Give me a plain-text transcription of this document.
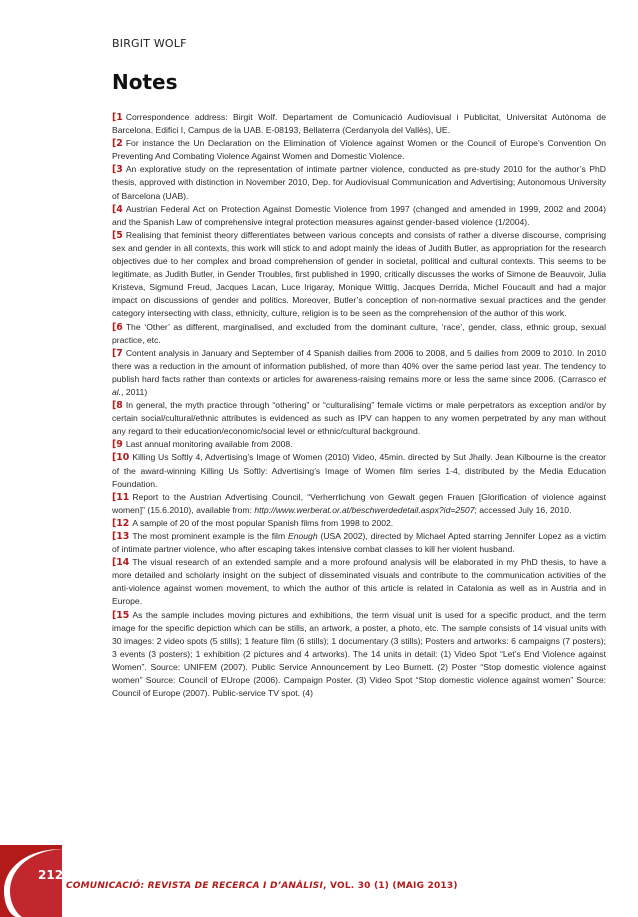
BIRGIT WOLF
Notes

[1 Correspondence address: Birgit Wolf. Departament de Comunicació Audiovisual i Publicitat, Universitat Autònoma de Barcelona. Edifici I, Campus de la UAB. E-08193, Bellaterra (Cerdanyola del Vallès), UE.

[2 For instance the Un Declaration on the Elimination of Violence against Women or the Council of Europe’s Convention On Preventing And Combating Violence Against Women and Domestic Violence.

[3 An explorative study on the representation of intimate partner violence, conducted as pre-study 2010 for the author’s PhD thesis, approved with distinction in November 2010, Dep. for Audiovisual Communication and Advertising; Autonomous University of Barcelona (UAB).

[4 Austrian Federal Act on Protection Against Domestic Violence from 1997 (changed and amended in 1999, 2002 and 2004) and the Spanish Law of comprehensive integral protection measures against gender-based violence (1/2004).

[5 Realising that feminist theory differentiates between various concepts and consists of rather a diverse discourse, comprising sex and gender in all contexts, this work will stick to and adopt mainly the ideas of Judith Butler, as appropriation for the research objectives due to her complex and broad comprehension of gender in societal, political and cultural contexts. This seems to be legitimate, as Judith Butler, in Gender Troubles, first published in 1990, critically discusses the works of Simone de Beauvoir, Julia Kristeva, Sigmund Freud, Jacques Lacan, Luce Irigaray, Monique Wittig, Jacques Derrida, Michel Foucault and had a major impact on discussions of gender and politics. Moreover, Butler’s conception of non-normative sexual practices and the gender category intersecting with class, ethnicity, culture, religion is to be seen as the comprehension of the author of this work.

[6 The ‘Other’ as different, marginalised, and excluded from the dominant culture, ‘race’, gender, class, ethnic group, sexual practice, etc.

[7 Content analysis in January and September of 4 Spanish dailies from 2006 to 2008, and 5 dailies from 2009 to 2010. In 2010 there was a reduction in the amount of information published, of more than 40% over the same period last year. The tendency to publish hard facts rather than contexts or articles for awareness-raising remains more or less the same since 2006. (Carrasco et al., 2011)

[8 In general, the myth practice through “othering” or “culturalising” female victims or male perpetrators as exception and/or by certain social/cultural/ethnic attributes is evidenced as such as IPV can happen to any women perpetrated by any man without any regard to their education/economic/social level or ethnic/cultural background.

[9 Last annual monitoring available from 2008.

[10 Killing Us Softly 4, Advertising’s Image of Women (2010) Video, 45min. directed by Sut Jhally. Jean Kilbourne is the creator of the award-winning Killing Us Softly: Advertising’s Image of Women film series 1-4, distributed by the Media Education Foundation.

[11 Report to the Austrian Advertising Council, “Verherrlichung von Gewalt gegen Frauen [Glorification of violence against women]” (15.6.2010), available from: http://www.werberat.or.at/beschwerdedetail.aspx?id=2507; accessed July 16, 2010.

[12 A sample of 20 of the most popular Spanish films from 1998 to 2002.

[13 The most prominent example is the film Enough (USA 2002), directed by Michael Apted starring Jennifer Lopez as a victim of intimate partner violence, who after escaping takes intensive combat classes to kill her violent husband.

[14 The visual research of an extended sample and a more profound analysis will be elaborated in my PhD thesis, to have a more detailed and scholarly insight on the subject of disseminated visuals and contribute to the communication activities of the anti-violence against women movement, to which the author of this article is related in Catalonia as well as in Austria and in Europe.

[15 As the sample includes moving pictures and exhibitions, the term visual unit is used for a specific product, and the term image for the specific depiction which can be stills, an artwork, a poster, a photo, etc. The sample consists of 14 visual units with 30 images: 2 video spots (5 stills); 1 feature film (6 stills); 1 documentary (3 stills); Posters and artworks: 6 campaigns (7 posters); 3 events (3 posters); 1 exhibition (2 pictures and 4 artworks). The 14 units in detail: (1) Video Spot “Let’s End Violence against Women”. Source: UNIFEM (2007). Public Service Announcement by Leo Burnett. (2) Poster “Stop domestic violence against women” Source: Council of EUrope (2006). Campaign Poster. (3) Video Spot “Stop domestic violence against women” Source: Council of Europe (2007). Public-service TV spot. (4)

212
COMUNICACIÓ: REVISTA DE RECERCA I D’ANÀLISI, VOL. 30 (1) (MAIG 2013)
